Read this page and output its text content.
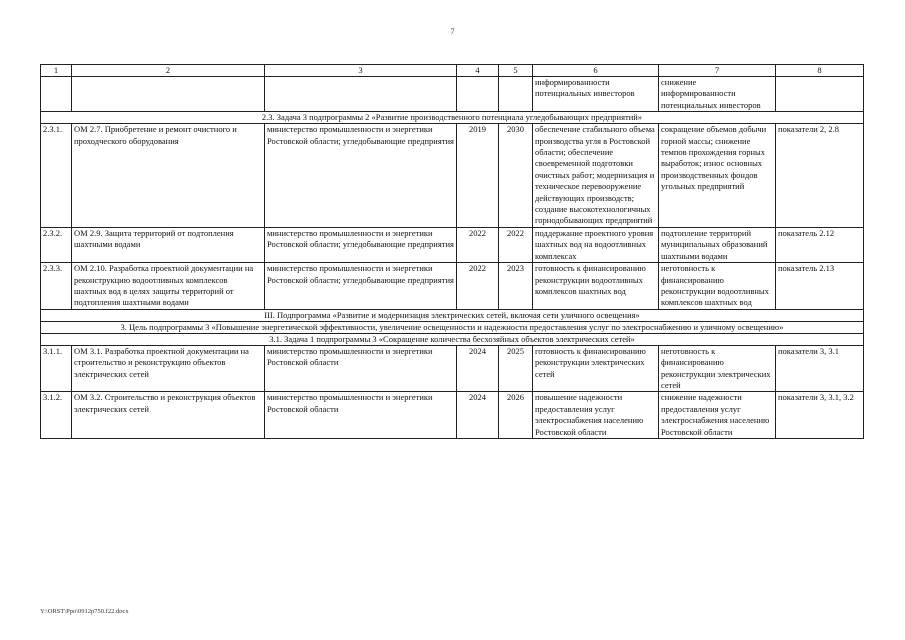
7
1	2	3	4	5	6	7	8
					информированности потенциальных инвесторов	снижение информированности потенциальных инвесторов	
2.3. Задача 3 подпрограммы 2 «Развитие производственного потенциала угледобывающих предприятий»							
2.3.1.	ОМ 2.7. Приобретение и ремонт очистного и проходческого оборудования	министерство промышленности и энергетики Ростовской области; угледобывающие предприятия	2019	2030	обеспечение стабильного объема производства угля в Ростовской области; обеспечение своевременной подготовки очистных работ; модернизация и техническое перевооружение действующих производств; создание высокотехнологичных горнодобывающих предприятий	сокращение объемов добычи горной массы; снижение темпов прохождения горных выработок; износ основных производственных фондов угольных предприятий	показатели 2, 2.8
2.3.2.	ОМ 2.9. Защита территорий от подтопления шахтными водами	министерство промышленности и энергетики Ростовской области; угледобывающие предприятия	2022	2022	поддержание проектного уровня шахтных вод на водоотливных комплексах	подтопление территорий муниципальных образований шахтными водами	показатель 2.12
2.3.3.	ОМ 2.10. Разработка проектной документации на реконструкцию водоотливных комплексов шахтных вод в целях защиты территорий от подтопления шахтными водами	министерство промышленности и энергетики Ростовской области; угледобывающие предприятия	2022	2023	готовность к финансированию реконструкции водоотливных комплексов шахтных вод	неготовность к финансированию реконструкции водоотливных комплексов шахтных вод	показатель 2.13
III. Подпрограмма «Развитие и модернизация электрических сетей, включая сети уличного освещения»							
3. Цель подпрограммы 3 «Повышение энергетической эффективности, увеличение освещенности и надежности предоставления услуг по электроснабжению и уличному освещению»							
3.1. Задача 1 подпрограммы 3 «Сокращение количества бесхозяйных объектов электрических сетей»							
3.1.1.	ОМ 3.1. Разработка проектной документации на строительство и реконструкцию объектов электрических сетей	министерство промышленности и энергетики Ростовской области	2024	2025	готовность к финансированию реконструкции электрических сетей	неготовность к финансированию реконструкции электрических сетей	показатели 3, 3.1
3.1.2.	ОМ 3.2. Строительство и реконструкция объектов электрических сетей	министерство промышленности и энергетики Ростовской области	2024	2026	повышение надежности предоставления услуг электроснабжения населению Ростовской области	снижение надежности предоставления услуг электроснабжения населению Ростовской области	показатели 3, 3.1, 3.2
Y:\ORST\Ppo\0912p750.f22.docx
